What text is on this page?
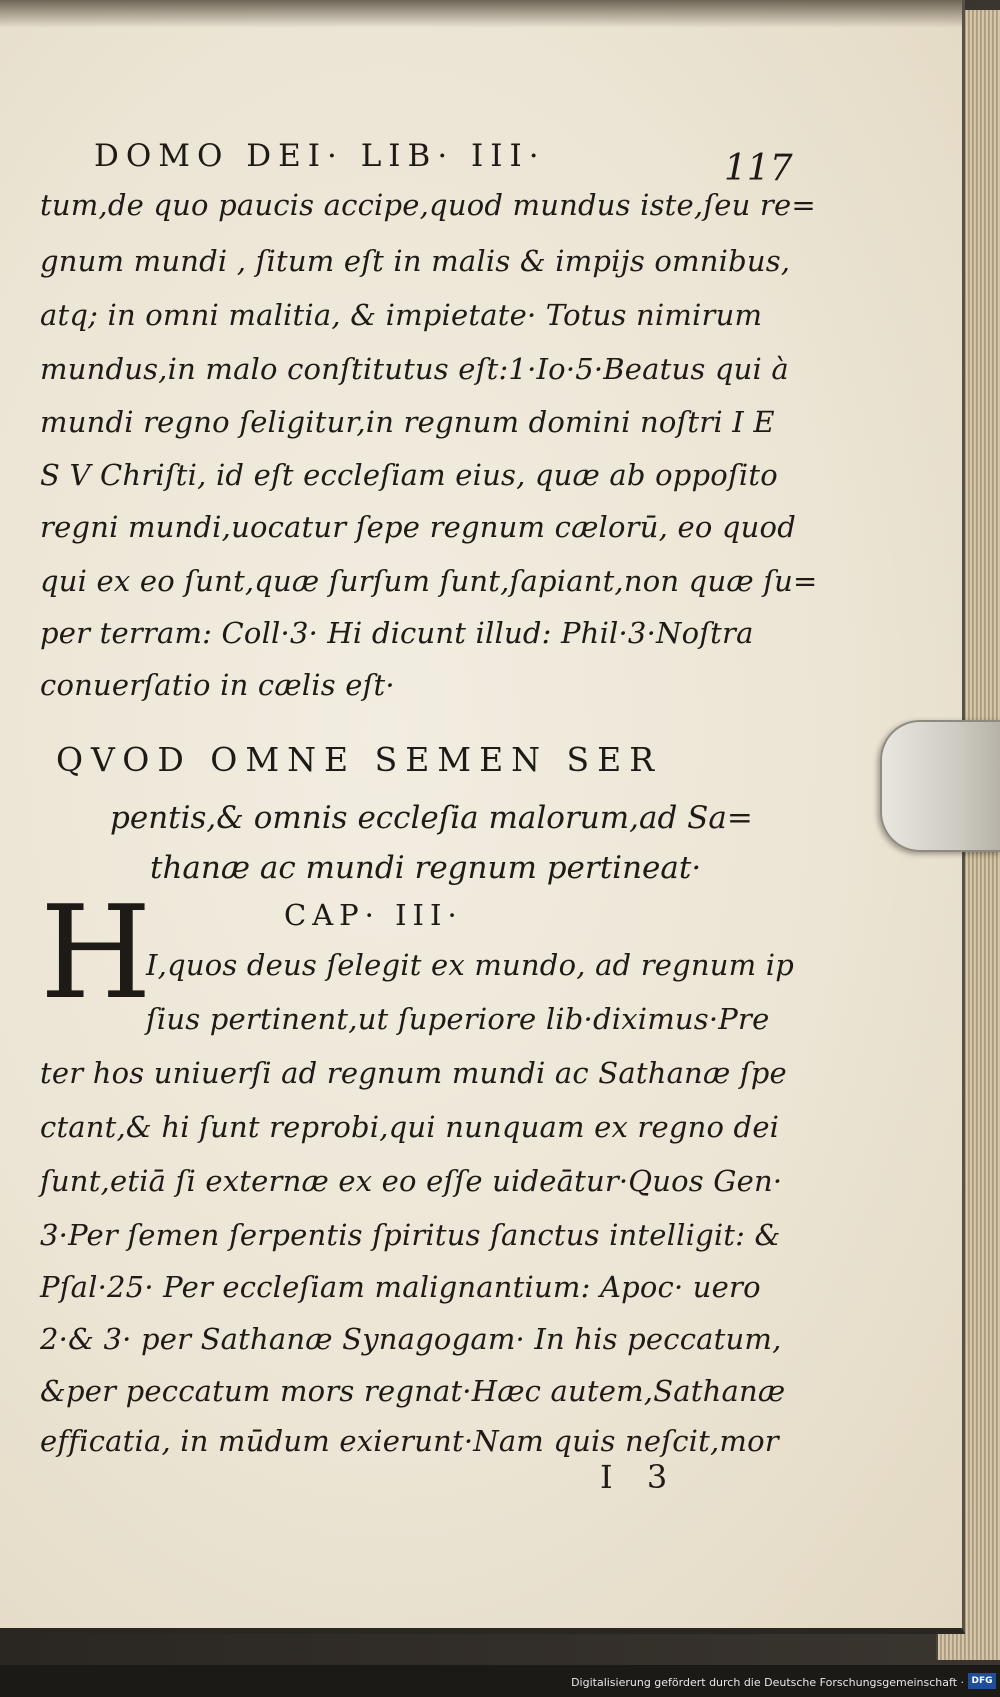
DOMO DEI· LIB· III·	117
tum,de quo paucis accipe,quod mundus iste,ſeu re=
gnum mundi , ſitum eſt in malis & impijs omnibus,
atq; in omni malitia, & impietate· Totus nimirum
mundus,in malo conſtitutus eſt:1·Io·5·Beatus qui à
mundi regno ſeligitur,in regnum domini noſtri I E
S V Chriſti, id eſt eccleſiam eius, quæ ab oppoſito
regni mundi,uocatur ſepe regnum cælorū, eo quod
qui ex eo ſunt,quæ ſurſum ſunt,ſapiant,non quæ ſu=
per terram: Coll·3· Hi dicunt illud: Phil·3·Noſtra
conuerſatio in cælis eſt·
QVOD OMNE SEMEN SER
pentis,& omnis eccleſia malorum,ad Sa=
thanæ ac mundi regnum pertineat·
CAP· III·
H
I,quos deus ſelegit ex mundo, ad regnum ip
ſius pertinent,ut ſuperiore lib·diximus·Pre
ter hos uniuerſi ad regnum mundi ac Sathanæ ſpe
ctant,& hi ſunt reprobi,qui nunquam ex regno dei
ſunt,etiā ſi externæ ex eo eſſe uideātur·Quos Gen·
3·Per ſemen ſerpentis ſpiritus ſanctus intelligit: &
Pſal·25· Per eccleſiam malignantium: Apoc· uero
2·& 3· per Sathanæ Synagogam· In his peccatum,
&per peccatum mors regnat·Hæc autem,Sathanæ
efficatia, in mūdum exierunt·Nam quis neſcit,mor
I 3
Digitalisierung gefördert durch die Deutsche Forschungsgemeinschaft · DFG
